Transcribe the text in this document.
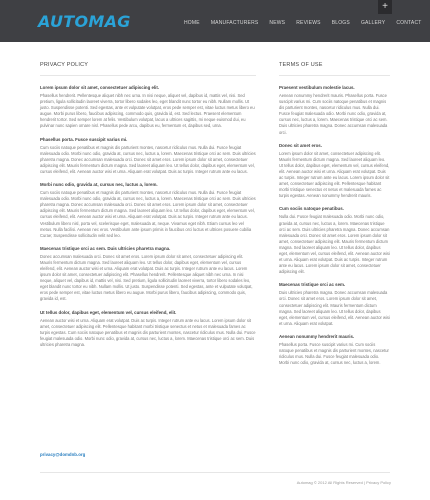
AUTOMAG	HOME MANUFACTURERS NEWS REVIEWS BLOGS GALLERY CONTACT
+
PRIVACY POLICY
Lorem ipsum dolor sit amet, consectetuer adipiscing elit.

Phasellus hendrerit. Pellentesque aliquet nibh nec urna. In nisi neque, aliquet vel, dapibus id, mattis vel, nisi. Sed pretium, ligula sollicitudin laoreet viverra, tortor libero sodales leo, eget blandit nunc tortor eu nibh. Nullam mollis. Ut justo. Suspendisse potenti. Sed egestas, ante et vulputate volutpat, eros pede semper est, vitae luctus metus libero eu augue. Morbi purus libero, faucibus adipiscing, commodo quis, gravida id, est. Sed lectus. Praesent elementum hendrerit tortor. Sed semper lorem at felis. Vestibulum volutpat, lacus a ultrices sagittis, mi neque euismod dui, eu pulvinar nunc sapien ornare nisl. Phasellus pede arcu, dapibus eu, fermentum et, dapibus sed, urna.

Phasellus porta. Fusce suscipit varius mi.

Cum sociis natoque penatibus et magnis dis parturient montes, nascetur ridiculus mus. Nulla dui. Fusce feugiat malesuada odio. Morbi nunc odio, gravida at, cursus nec, luctus a, lorem. Maecenas tristique orci ac sem. Duis ultricies pharetra magna. Donec accumsan malesuada orci. Donec sit amet eros. Lorem ipsum dolor sit amet, consectetuer adipiscing elit. Mauris fermentum dictum magna. Sed laoreet aliquam leo. Ut tellus dolor, dapibus eget, elementum vel, cursus eleifend, elit. Aenean auctor wisi et urna. Aliquam erat volutpat. Duis ac turpis. Integer rutrum ante eu lacus.

Morbi nunc odio, gravida at, cursus nec, luctus a, lorem.

Cum sociis natoque penatibus et magnis dis parturient montes, nascetur ridiculus mus. Nulla dui. Fusce feugiat malesuada odio. Morbi nunc odio, gravida at, cursus nec, luctus a, lorem. Maecenas tristique orci ac sem. Duis ultricies pharetra magna. Donec accumsan malesuada orci. Donec sit amet eros. Lorem ipsum dolor sit amet, consectetuer adipiscing elit. Mauris fermentum dictum magna. Sed laoreet aliquam leo. Ut tellus dolor, dapibus eget, elementum vel, cursus eleifend, elit. Aenean auctor wisi et urna. Aliquam erat volutpat. Duis ac turpis. Integer rutrum ante eu lacus. Vestibulum libero nisl, porta vel, scelerisque eget, malesuada at, neque. Vivamus eget nibh. Etiam cursus leo vel metus. Nulla facilisi. Aenean nec eros. Vestibulum ante ipsum primis in faucibus orci luctus et ultrices posuere cubilia Curae; Suspendisse sollicitudin velit sed leo.

Maecenas tristique orci ac sem. Duis ultricies pharetra magna.

Donec accumsan malesuada orci. Donec sit amet eros. Lorem ipsum dolor sit amet, consectetuer adipiscing elit. Mauris fermentum dictum magna. Sed laoreet aliquam leo. Ut tellus dolor, dapibus eget, elementum vel, cursus eleifend, elit. Aenean auctor wisi et urna. Aliquam erat volutpat. Duis ac turpis. Integer rutrum ante eu lacus. Lorem ipsum dolor sit amet, consectetuer adipiscing elit. Phasellus hendrerit. Pellentesque aliquet nibh nec urna. In nisi neque, aliquet vel, dapibus id, mattis vel, nisi. Sed pretium, ligula sollicitudin laoreet viverra, tortor libero sodales leo, eget blandit nunc tortor eu nibh. Nullam mollis. Ut justo. Suspendisse potenti. Sed egestas, ante et vulputate volutpat, eros pede semper est, vitae luctus metus libero eu augue. Morbi purus libero, faucibus adipiscing, commodo quis, gravida id, est.

Ut tellus dolor, dapibus eget, elementum vel, cursus eleifend, elit.

Aenean auctor wisi et urna. Aliquam erat volutpat. Duis ac turpis. Integer rutrum ante eu lacus. Lorem ipsum dolor sit amet, consectetuer adipiscing elit. Pellentesque habitant morbi tristique senectus et netus et malesuada fames ac turpis egestas. Cum sociis natoque penatibus et magnis dis parturient montes, nascetur ridiculus mus. Nulla dui. Fusce feugiat malesuada odio. Morbi nunc odio, gravida at, cursus nec, luctus a, lorem. Maecenas tristique orci ac sem. Duis ultricies pharetra magna.

privacy@domdnb.org
TERMS OF USE
Praesent vestibulum molestie lacus.

Aenean nonummy hendrerit mauris. Phasellus porta. Fusce suscipit varius mi. Cum sociis natoque penatibus et magnis dis parturient montes, nascetur ridiculus mus. Nulla dui. Fusce feugiat malesuada odio. Morbi nunc odio, gravida at, cursus nec, luctus a, lorem. Maecenas tristique orci ac sem. Duis ultricies pharetra magna. Donec accumsan malesuada orci.

Donec sit amet eros.

Lorem ipsum dolor sit amet, consectetuer adipiscing elit. Mauris fermentum dictum magna. Sed laoreet aliquam leo. Ut tellus dolor, dapibus eget, elementum vel, cursus eleifend, elit. Aenean auctor wisi et urna. Aliquam erat volutpat. Duis ac turpis. Integer rutrum ante eu lacus. Lorem ipsum dolor sit amet, consectetuer adipiscing elit. Pellentesque habitant morbi tristique senectus et netus et malesuada fames ac turpis egestas. Aenean nonummy hendrerit mauris.

Cum sociis natoque penatibus.

Nulla dui. Fusce feugiat malesuada odio. Morbi nunc odio, gravida at, cursus nec, luctus a, lorem. Maecenas tristique orci ac sem. Duis ultricies pharetra magna. Donec accumsan malesuada orci. Donec sit amet eros. Lorem ipsum dolor sit amet, consectetuer adipiscing elit. Mauris fermentum dictum magna. Sed laoreet aliquam leo. Ut tellus dolor, dapibus eget, elementum vel, cursus eleifend, elit. Aenean auctor wisi et urna. Aliquam erat volutpat. Duis ac turpis. Integer rutrum ante eu lacus. Lorem ipsum dolor sit amet, consectetuer adipiscing elit.

Maecenas tristique orci ac sem.

Duis ultricies pharetra magna. Donec accumsan malesuada orci. Donec sit amet eros. Lorem ipsum dolor sit amet, consectetuer adipiscing elit. Mauris fermentum dictum magna. Sed laoreet aliquam leo. Ut tellus dolor, dapibus eget, elementum vel, cursus eleifend, elit. Aenean auctor wisi et urna. Aliquam erat volutpat.

Aenean nonummy hendrerit mauris.

Phasellus porta. Fusce suscipit varius mi. Cum sociis natoque penatibus et magnis dis parturient montes, nascetur ridiculus mus. Nulla dui. Fusce feugiat malesuada odio. Morbi nunc odio, gravida at, cursus nec, luctus a, lorem.

Automag © 2012 All Rights Reserved | Privacy Policy
